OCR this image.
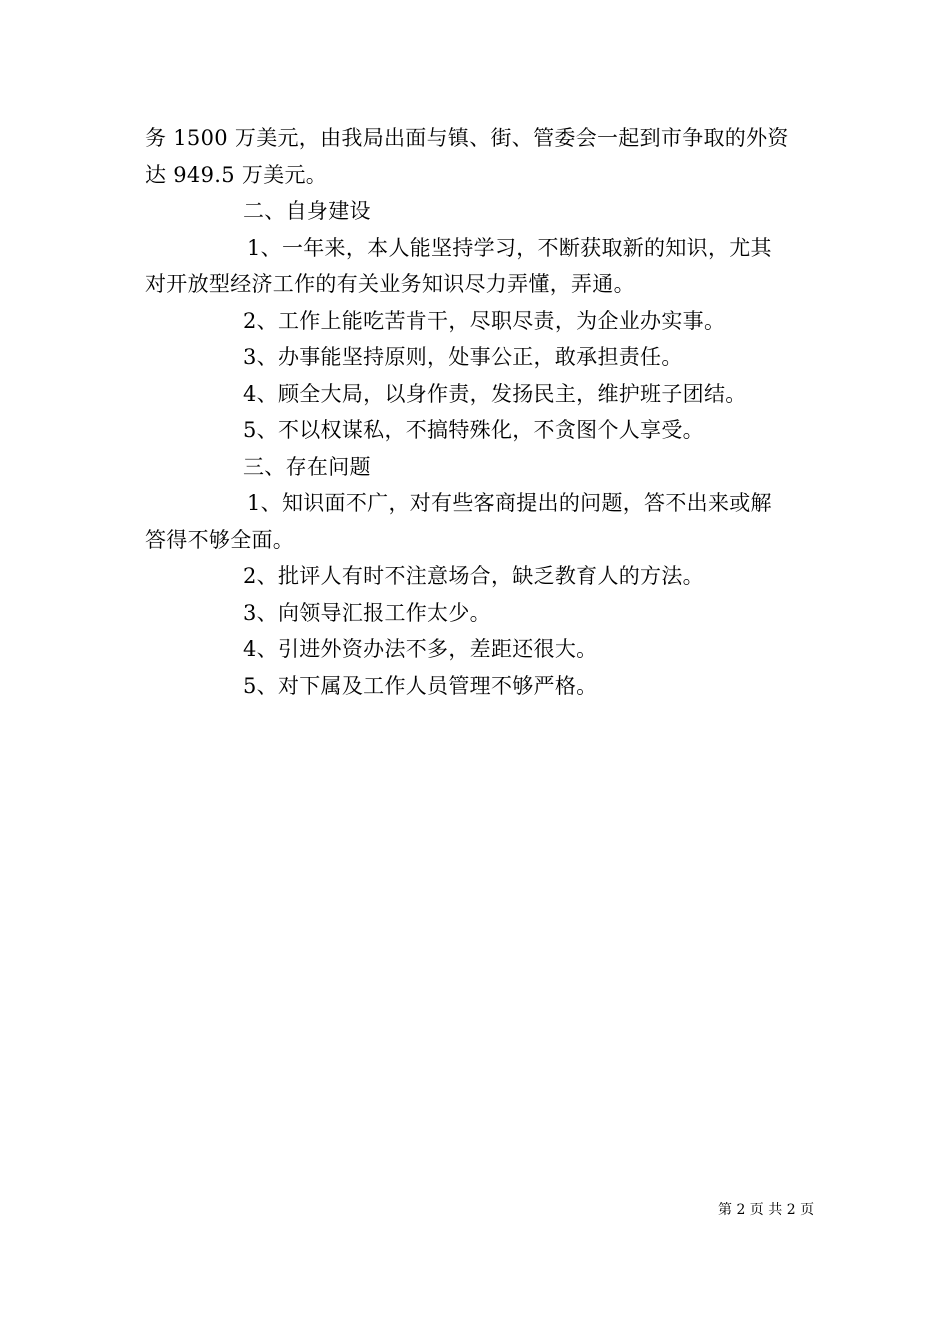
务 1500 万美元，由我局出面与镇、街、管委会一起到市争取的外资
达 949.5 万美元。
二、自身建设
1、一年来，本人能坚持学习，不断获取新的知识，尤其
对开放型经济工作的有关业务知识尽力弄懂，弄通。
2、工作上能吃苦肯干，尽职尽责，为企业办实事。
3、办事能坚持原则，处事公正，敢承担责任。
4、顾全大局，以身作责，发扬民主，维护班子团结。
5、不以权谋私，不搞特殊化，不贪图个人享受。
三、存在问题
1、知识面不广，对有些客商提出的问题，答不出来或解
答得不够全面。
2、批评人有时不注意场合，缺乏教育人的方法。
3、向领导汇报工作太少。
4、引进外资办法不多，差距还很大。
5、对下属及工作人员管理不够严格。
第 2 页 共 2 页
